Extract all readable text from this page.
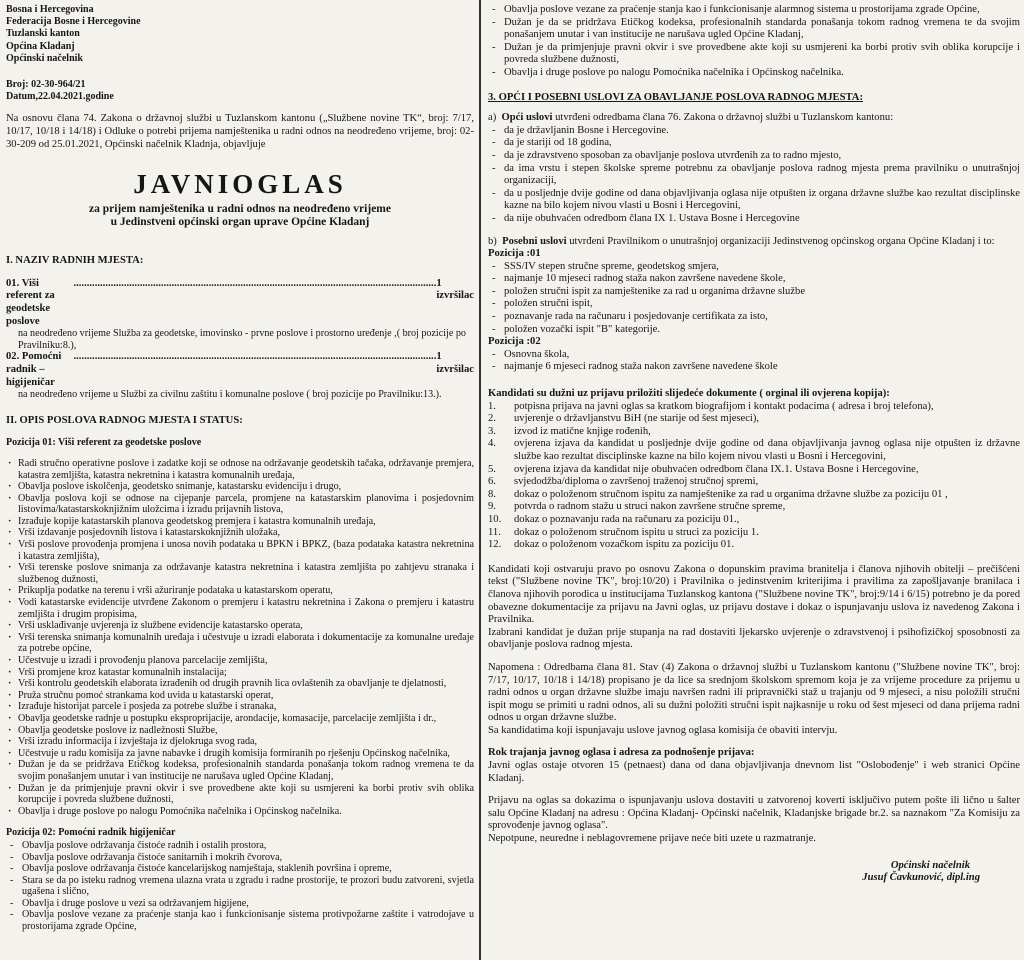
Bosna i Hercegovina
Federacija Bosne i Hercegovine
Tuzlanski kanton
Općina Kladanj
Općinski načelnik
Broj: 02-30-964/21
Datum,22.04.2021.godine

Na osnovu člana 74. Zakona o državnoj službi u Tuzlanskom kantonu („Službene novine TK“, broj: 7/17, 10/17, 10/18 i 14/18) i Odluke o potrebi prijema namještenika u radni odnos na neodređeno vrijeme, broj: 02-30-209 od 25.01.2021, Općinski načelnik Kladnja, objavljuje

JAVNIOGLAS
za prijem namještenika u radni odnos na neodređeno vrijeme
u Jedinstveni općinski organ uprave Općine Kladanj
I. NAZIV RADNIH MJESTA:
01. Viši referent za geodetske poslove
......................................................................................................................................... 1 izvršilac
na neodređeno vrijeme Služba za geodetske, imovinsko - prvne poslove i prostorno uređenje ,( broj pozicije po Pravilniku:8.),
02. Pomoćni radnik –higijeničar
......................................................................................................................................... 1 izvršilac
na neodređeno vrijeme u Službi za civilnu zaštitu i komunalne poslove ( broj pozicije po Pravilniku:13.).
II. OPIS POSLOVA RADNOG MJESTA I STATUS:
Pozicija 01: Viši referent za geodetske poslove
· Radi stručno operativne poslove i zadatke koji se odnose na održavanje geodetskih tačaka, održavanje premjera, katastra zemljišta, katastra nekretnina i katastra komunalnih uređaja,
· Obavlja poslove iskolčenja, geodetsko snimanje, katastarsku evidenciju i drugo,
· Obavlja poslova koji se odnose na cijepanje parcela, promjene na katastarskim planovima i posjedovnim listovima/katastarskoknjižnim uložcima i izradu prijavnih listova,
· Izrađuje kopije katastarskih planova geodetskog premjera i katastra komunalnih uređaja,
· Vrši izdavanje posjedovnih listova i katastarskoknjižnih uložaka,
· Vrši poslove provođenja promjena i unosa novih podataka u BPKN i BPKZ, (baza podataka katastra nekretnina i katastra zemljišta),
· Vrši terenske poslove snimanja za održavanje katastra nekretnina i katastra zemljišta po zahtjevu stranaka i službenog dužnosti,
· Prikuplja podatke na terenu i vrši ažuriranje podataka u katastarskom operatu,
· Vodi katastarske evidencije utvrđene Zakonom o premjeru i katastru nekretnina i Zakona o premjeru i katastru zemljišta i drugim propisima,
· Vrši usklađivanje uvjerenja iz službene evidencije katastarsko operata,
· Vrši terenska snimanja komunalnih uređaja i učestvuje u izradi elaborata i dokumentacije za komunalne uređaje za potrebe općine,
· Učestvuje u izradi i provođenju planova parcelacije zemljišta,
· Vrši promjene kroz katastar komunalnih instalacija;
· Vrši kontrolu geodetskih elaborata izrađenih od drugih pravnih lica ovlaštenih za obavljanje te djelatnosti,
· Pruža stručnu pomoć strankama kod uvida u katastarski operat,
· Izrađuje historijat parcele i posjeda za potrebe službe i stranaka,
· Obavlja geodetske radnje u postupku eksproprijacije, arondacije, komasacije, parcelacije zemljišta i dr.,
· Obavlja geodetske poslove iz nadležnosti Službe,
· Vrši izradu informacija i izvještaja iz djelokruga svog rada,
· Učestvuje u radu komisija za javne nabavke i drugih komisija formiranih po rješenju Općinskog načelnika,
· Dužan je da se pridržava Etičkog kodeksa, profesionalnih standarda ponašanja tokom radnog vremena te da svojim ponašanjem unutar i van institucije ne narušava ugled Općine Kladanj,
· Dužan je da primjenjuje pravni okvir i sve provedbene akte koji su usmjereni ka borbi protiv svih oblika korupcije i povreda službene dužnosti,
· Obavlja i druge poslove po nalogu Pomoćnika načelnika i Općinskog načelnika.
Pozicija 02: Pomoćni radnik higijeničar
- Obavlja poslove održavanja čistoće radnih i ostalih prostora,
- Obavlja poslove održavanja čistoće sanitarnih i mokrih čvorova,
- Obavlja poslove održavanja čistoće kancelarijskog namještaja, staklenih površina i opreme,
- Stara se da po isteku radnog vremena ulazna vrata u zgradu i radne prostorije, te prozori budu zatvoreni, svjetla ugašena i slično,
- Obavlja i druge poslove u vezi sa održavanjem higijene,
- Obavlja poslove vezane za praćenje stanja kao i funkcionisanje sistema protivpožarne zaštite i vatrodojave u prostorijama zgrade Općine,
- Obavlja poslove vezane za praćenje stanja kao i funkcionisanje alarmnog sistema u prostorijama zgrade Općine,
- Dužan je da se pridržava Etičkog kodeksa, profesionalnih standarda ponašanja tokom radnog vremena te da svojim ponašanjem unutar i van institucije ne narušava ugled Općine Kladanj,
- Dužan je da primjenjuje pravni okvir i sve provedbene akte koji su usmjereni ka borbi protiv svih oblika korupcije i povreda službene dužnosti,
- Obavlja i druge poslove po nalogu Pomoćnika načelnika i Općinskog načelnika.
3. OPĆI I POSEBNI USLOVI ZA OBAVLJANJE POSLOVA RADNOG MJESTA:
a) Opći uslovi utvrđeni odredbama člana 76. Zakona o državnoj službi u Tuzlanskom kantonu:
- da je državljanin Bosne i Hercegovine.
- da je stariji od 18 godina,
- da je zdravstveno sposoban za obavljanje poslova utvrđenih za to radno mjesto,
- da ima vrstu i stepen školske spreme potrebnu za obavljanje poslova radnog mjesta prema pravilniku o unutrašnjoj organizaciji,
- da u posljednje dvije godine od dana objavljivanja oglasa nije otpušten iz organa državne službe kao rezultat disciplinske kazne na bilo kojem nivou vlasti u Bosni i Hercegovini,
- da nije obuhvaćen odredbom člana IX 1. Ustava Bosne i Hercegovine
b) Posebni uslovi utvrđeni Pravilnikom o unutrašnjoj organizaciji Jedinstvenog općinskog organa Općine Kladanj i to:
Pozicija :01
- SSS/IV stepen stručne spreme, geodetskog smjera,
- najmanje 10 mjeseci radnog staža nakon završene navedene škole,
- položen stručni ispit za namještenike za rad u organima državne službe
- položen stručni ispit,
- poznavanje rada na računaru i posjedovanje certifikata za isto,
- položen vozački ispit "B" kategorije.
Pozicija :02
- Osnovna škola,
- najmanje 6 mjeseci radnog staža nakon završene navedene škole
Kandidati su dužni uz prijavu priložiti slijedeće dokumente ( orginal ili ovjerena kopija):
1. potpisna prijava na javni oglas sa kratkom biografijom i kontakt podacima ( adresa i broj telefona),
2. uvjerenje o državljanstvu BiH (ne starije od šest mjeseci),
3. izvod iz matične knjige rođenih,
4. ovjerena izjava da kandidat u posljednje dvije godine od dana objavljivanja javnog oglasa nije otpušten iz državne službe kao rezultat disciplinske kazne na bilo kojem nivou vlasti u Bosni i Hercegovini,
5. ovjerena izjava da kandidat nije obuhvaćen odredbom člana IX.1. Ustava Bosne i Hercegovine,
6. svjedodžba/diploma o završenoj traženoj stručnoj spremi,
8. dokaz o položenom stručnom ispitu za namještenike za rad u organima državne službe za poziciju 01 ,
9. potvrda o radnom stažu u struci nakon završene stručne spreme,
10. dokaz o poznavanju rada na računaru za poziciju 01.,
11. dokaz o položenom stručnom ispitu u struci za poziciju 1.
12. dokaz o položenom vozačkom ispitu za poziciju 01.

Kandidati koji ostvaruju pravo po osnovu Zakona o dopunskim pravima branitelja i članova njihovih obitelji – prečišćeni tekst ("Službene novine TK", broj:10/20) i Pravilnika o jedinstvenim kriterijima i pravilima za zapošljavanje branilaca i članova njihovih porodica u institucijama Tuzlanskog kantona ("Službene novine TK", broj:9/14 i 6/15) potrebno je da pored obavezne dokumentacije za prijavu na Javni oglas, uz prijavu dostave i dokaz o ispunjavanju uslova iz navedenog Zakona i Pravilnika.

Izabrani kandidat je dužan prije stupanja na rad dostaviti ljekarsko uvjerenje o zdravstvenoj i psihofizičkoj sposobnosti za obavljanje poslova radnog mjesta.

Napomena : Odredbama člana 81. Stav (4) Zakona o državnoj službi u Tuzlanskom kantonu ("Službene novine TK", broj: 7/17, 10/17, 10/18 i 14/18) propisano je da lice sa srednjom školskom spremom koja je za vrijeme procedure za prijemu u radni odnos u organ državne službe imaju navršen radni ili pripravnički staž u trajanju od 9 mjeseci, a nisu položili stručni ispit mogu se primiti u radni odnos, ali su dužni položiti stručni ispit najkasnije u roku od šest mjeseci od dana prijema radni odnos u organ državne službe.

Sa kandidatima koji ispunjavaju uslove javnog oglasa komisija će obaviti intervju.

Rok trajanja javnog oglasa i adresa za podnošenje prijava:

Javni oglas ostaje otvoren 15 (petnaest) dana od dana objavljivanja dnevnom list "Oslobođenje" i web stranici Općine Kladanj.

Prijavu na oglas sa dokazima o ispunjavanju uslova dostaviti u zatvorenoj koverti isključivo putem pošte ili lično u šalter salu Općine Kladanj na adresu : Općina Kladanj- Općinski načelnik, Kladanjske brigade br.2. sa naznakom "Za Komisiju za sprovođenje javnog oglasa".

Nepotpune, neuredne i neblagovremene prijave neće biti uzete u razmatranje.

Općinski načelnik
Jusuf Čavkunović, dipl.ing
